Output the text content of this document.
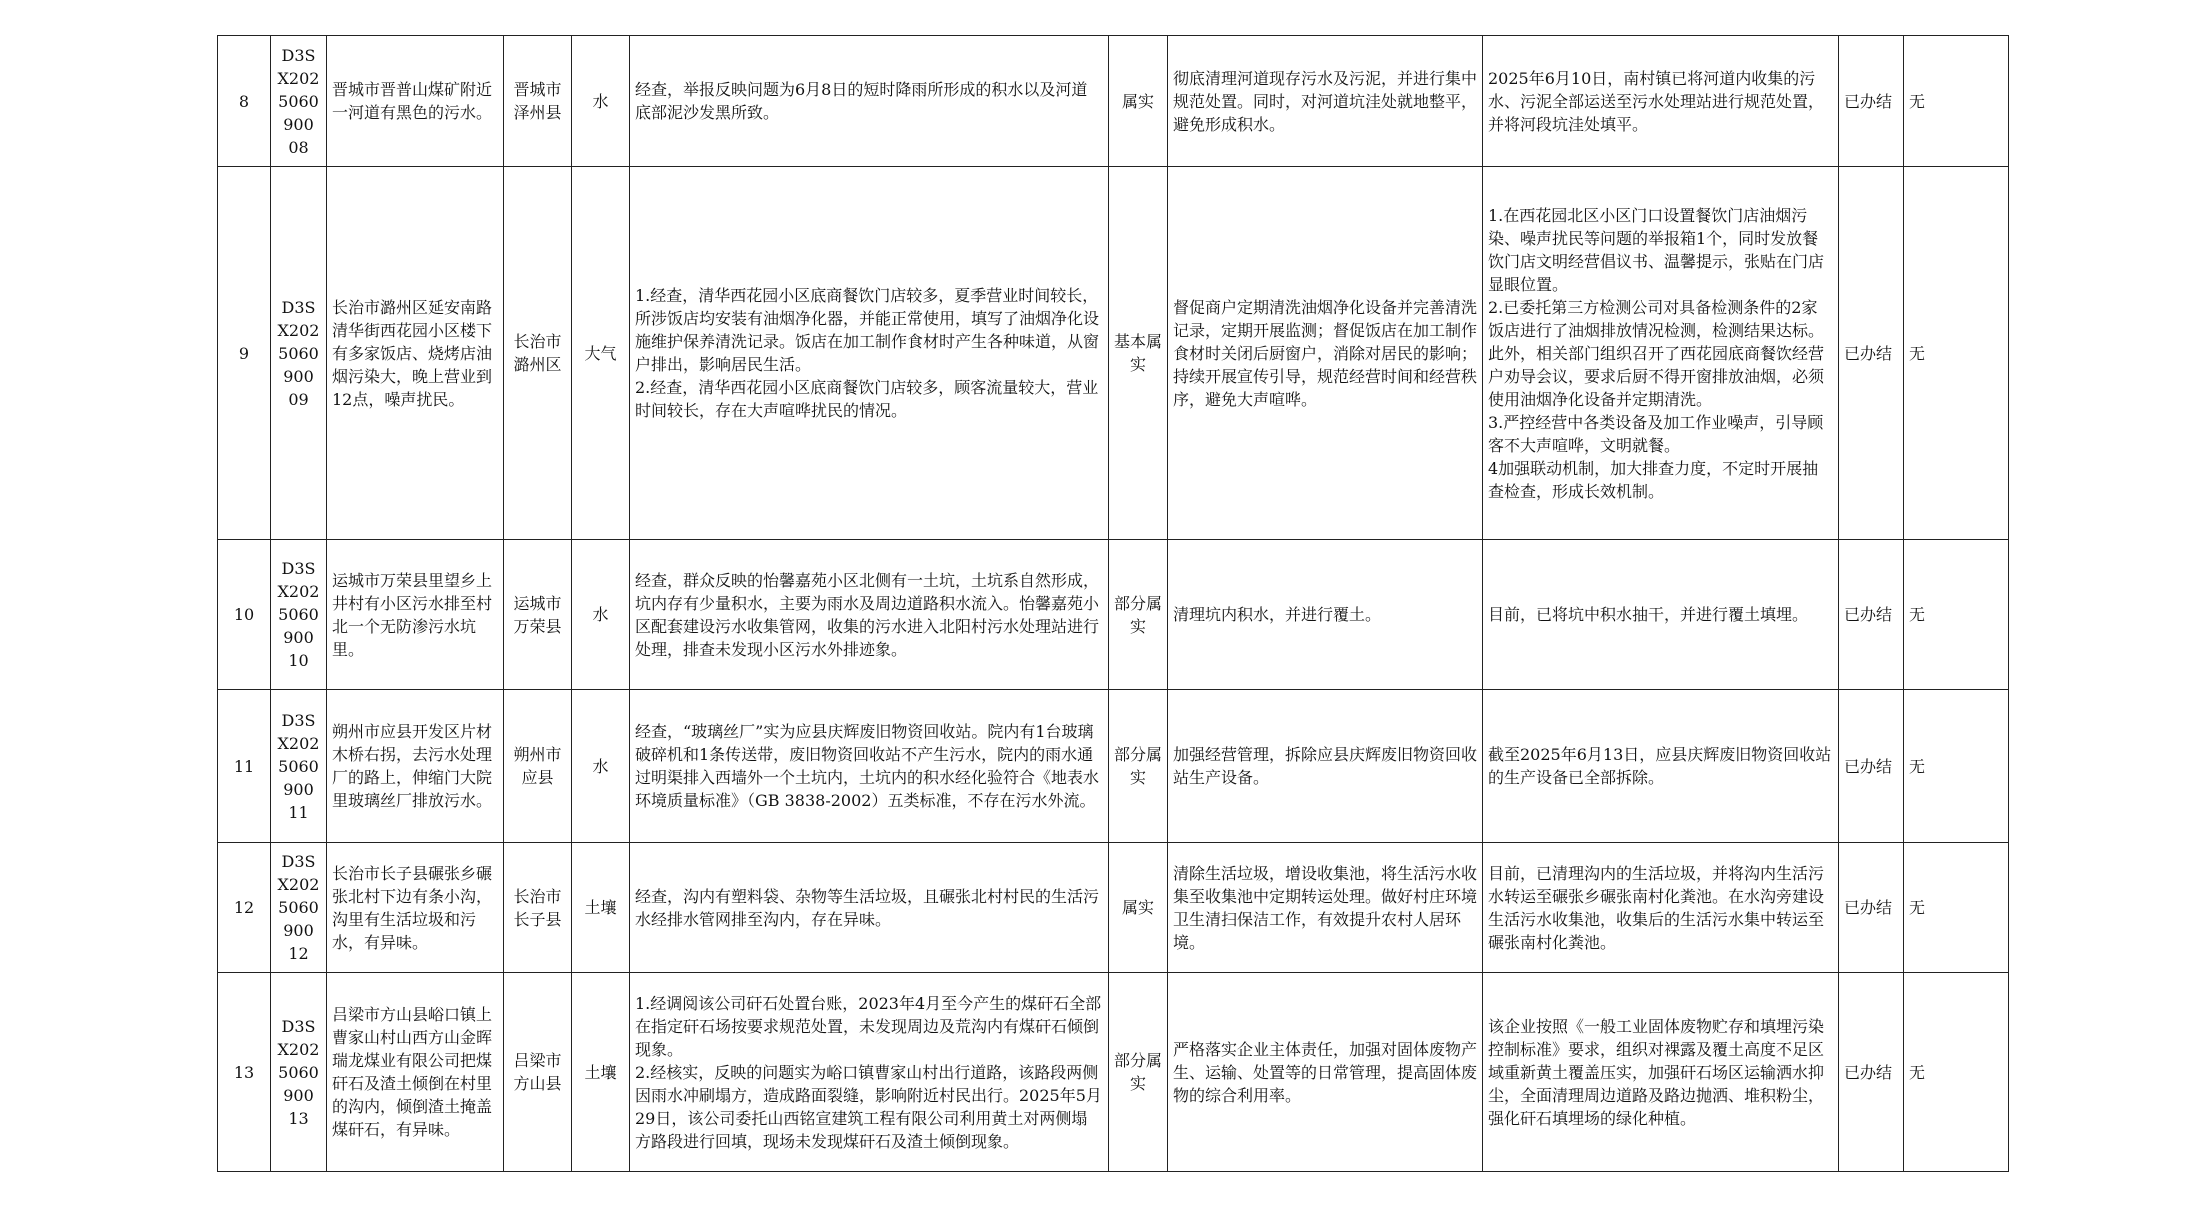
8	D3SX2025060900 08	晋城市晋普山煤矿附近一河道有黑色的污水。	晋城市泽州县	水	经查，举报反映问题为6月8日的短时降雨所形成的积水以及河道底部泥沙发黑所致。	属实	彻底清理河道现存污水及污泥，并进行集中规范处置。同时，对河道坑洼处就地整平，避免形成积水。	2025年6月10日，南村镇已将河道内收集的污水、污泥全部运送至污水处理站进行规范处置，并将河段坑洼处填平。	已办结	无
9	D3SX2025060900 09	长治市潞州区延安南路清华街西花园小区楼下有多家饭店、烧烤店油烟污染大，晚上营业到12点，噪声扰民。	长治市潞州区	大气	1.经查，清华西花园小区底商餐饮门店较多，夏季营业时间较长，所涉饭店均安装有油烟净化器，并能正常使用，填写了油烟净化设施维护保养清洗记录。饭店在加工制作食材时产生各种味道，从窗户排出，影响居民生活。
2.经查，清华西花园小区底商餐饮门店较多，顾客流量较大，营业时间较长，存在大声喧哗扰民的情况。	基本属实	督促商户定期清洗油烟净化设备并完善清洗记录，定期开展监测；督促饭店在加工制作食材时关闭后厨窗户，消除对居民的影响；持续开展宣传引导，规范经营时间和经营秩序，避免大声喧哗。	1.在西花园北区小区门口设置餐饮门店油烟污染、噪声扰民等问题的举报箱1个，同时发放餐饮门店文明经营倡议书、温馨提示，张贴在门店显眼位置。
2.已委托第三方检测公司对具备检测条件的2家饭店进行了油烟排放情况检测，检测结果达标。此外，相关部门组织召开了西花园底商餐饮经营户劝导会议，要求后厨不得开窗排放油烟，必须使用油烟净化设备并定期清洗。
3.严控经营中各类设备及加工作业噪声，引导顾客不大声喧哗，文明就餐。
4加强联动机制，加大排查力度，不定时开展抽查检查，形成长效机制。	已办结	无
10	D3SX2025060900 10	运城市万荣县里望乡上井村有小区污水排至村北一个无防渗污水坑里。	运城市万荣县	水	经查，群众反映的怡馨嘉苑小区北侧有一土坑，土坑系自然形成，坑内存有少量积水，主要为雨水及周边道路积水流入。怡馨嘉苑小区配套建设污水收集管网，收集的污水进入北阳村污水处理站进行处理，排查未发现小区污水外排迹象。	部分属实	清理坑内积水，并进行覆土。	目前，已将坑中积水抽干，并进行覆土填埋。	已办结	无
11	D3SX2025060900 11	朔州市应县开发区片材木桥右拐，去污水处理厂的路上，伸缩门大院里玻璃丝厂排放污水。	朔州市应县	水	经查，“玻璃丝厂”实为应县庆辉废旧物资回收站。院内有1台玻璃破碎机和1条传送带，废旧物资回收站不产生污水，院内的雨水通过明渠排入西墙外一个土坑内，土坑内的积水经化验符合《地表水环境质量标准》（GB 3838-2002）五类标准，不存在污水外流。	部分属实	加强经营管理，拆除应县庆辉废旧物资回收站生产设备。	截至2025年6月13日，应县庆辉废旧物资回收站的生产设备已全部拆除。	已办结	无
12	D3SX2025060900 12	长治市长子县碾张乡碾张北村下边有条小沟，沟里有生活垃圾和污水，有异味。	长治市长子县	土壤	经查，沟内有塑料袋、杂物等生活垃圾，且碾张北村村民的生活污水经排水管网排至沟内，存在异味。	属实	清除生活垃圾，增设收集池，将生活污水收集至收集池中定期转运处理。做好村庄环境卫生清扫保洁工作，有效提升农村人居环境。	目前，已清理沟内的生活垃圾，并将沟内生活污水转运至碾张乡碾张南村化粪池。在水沟旁建设生活污水收集池，收集后的生活污水集中转运至碾张南村化粪池。	已办结	无
13	D3SX2025060900 13	吕梁市方山县峪口镇上曹家山村山西方山金晖瑞龙煤业有限公司把煤矸石及渣土倾倒在村里的沟内，倾倒渣土掩盖煤矸石，有异味。	吕梁市方山县	土壤	1.经调阅该公司矸石处置台账，2023年4月至今产生的煤矸石全部在指定矸石场按要求规范处置，未发现周边及荒沟内有煤矸石倾倒现象。
2.经核实，反映的问题实为峪口镇曹家山村出行道路，该路段两侧因雨水冲刷塌方，造成路面裂缝，影响附近村民出行。2025年5月29日，该公司委托山西铭宣建筑工程有限公司利用黄土对两侧塌方路段进行回填，现场未发现煤矸石及渣土倾倒现象。	部分属实	严格落实企业主体责任，加强对固体废物产生、运输、处置等的日常管理，提高固体废物的综合利用率。	该企业按照《一般工业固体废物贮存和填埋污染控制标准》要求，组织对裸露及覆土高度不足区域重新黄土覆盖压实，加强矸石场区运输洒水抑尘，全面清理周边道路及路边抛洒、堆积粉尘，强化矸石填埋场的绿化种植。	已办结	无
